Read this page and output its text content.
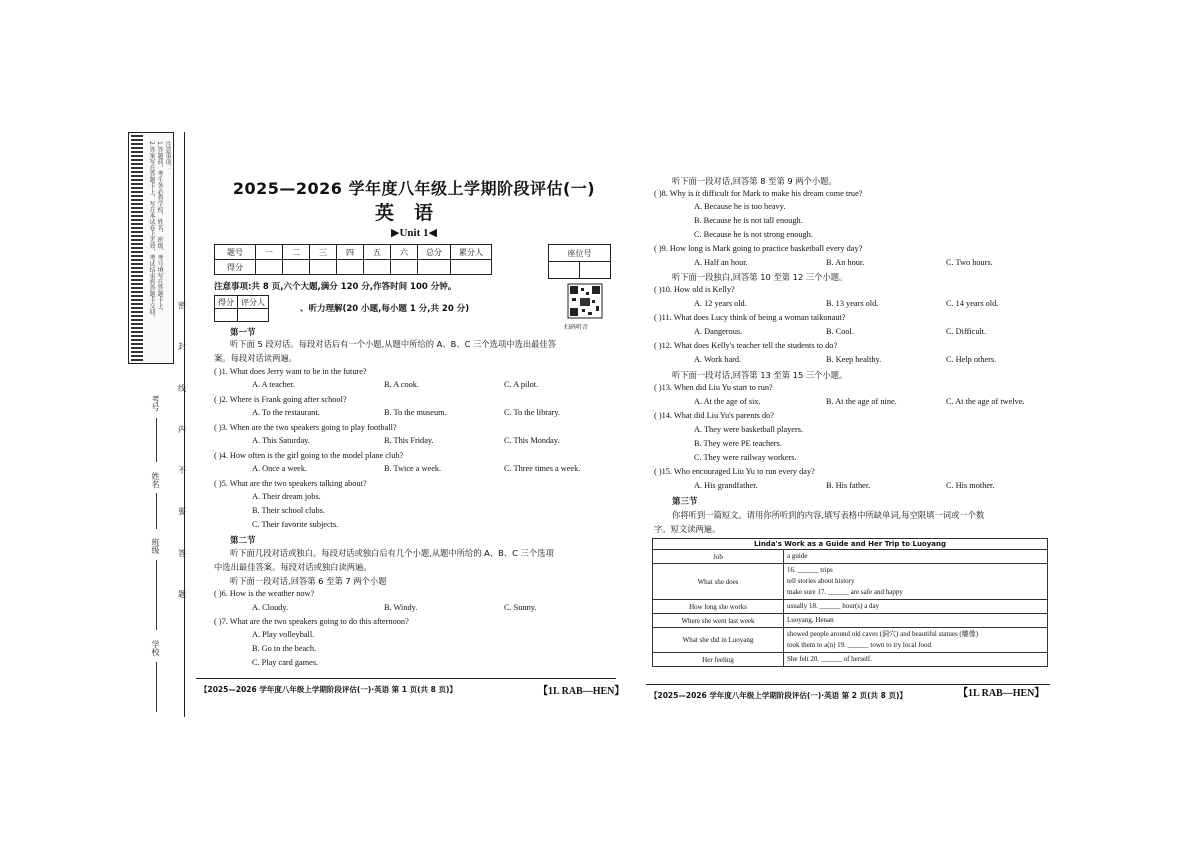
注意事项：
1.答题前，考生务必将学校、姓名、班级、考号填写在答题卡上。
2.答案写在答题卡上，写在本试卷上无效，考试结束将答题卡交回。
考号
姓名
班级
学校
密
封
线
内
不
要
答
题
2025—2026 学年度八年级上学期阶段评估(一)
英语
▶Unit 1◀
题号	一	二	三	四	五	六	总分	累分人
得分								
座位号

注意事项:共 8 页,六个大题,满分 120 分,作答时间 100 分钟。
得分	评分人

、听力理解(20 小题,每小题 1 分,共 20 分)
扫码听音
第一节
听下面 5 段对话。每段对话后有一个小题,从题中所给的 A、B、C 三个选项中选出最佳答
案。每段对话读两遍。
( )1. What does Jerry want to be in the future?
A. A teacher.	B. A cook.	C. A pilot.
( )2. Where is Frank going after school?
A. To the restaurant.	B. To the museum.	C. To the library.
( )3. When are the two speakers going to play football?
A. This Saturday.	B. This Friday.	C. This Monday.
( )4. How often is the girl going to the model plane club?
A. Once a week.	B. Twice a week.	C. Three times a week.
( )5. What are the two speakers talking about?
A. Their dream jobs.
B. Their school clubs.
C. Their favorite subjects.
第二节
听下面几段对话或独白。每段对话或独白后有几个小题,从题中所给的 A、B、C 三个选项
中选出最佳答案。每段对话或独白读两遍。
听下面一段对话,回答第 6 至第 7 两个小题
( )6. How is the weather now?
A. Cloudy.	B. Windy.	C. Sunny.
( )7. What are the two speakers going to do this afternoon?
A. Play volleyball.
B. Go to the beach.
C. Play card games.
【2025—2026 学年度八年级上学期阶段评估(一)·英语 第 1 页(共 8 页)】	【1L RAB—HEN】
听下面一段对话,回答第 8 至第 9 两个小题。
( )8. Why is it difficult for Mark to make his dream come true?
A. Because he is too heavy.
B. Because he is not tall enough.
C. Because he is not strong enough.
( )9. How long is Mark going to practice basketball every day?
A. Half an hour.	B. An hour.	C. Two hours.
听下面一段独白,回答第 10 至第 12 三个小题。
( )10. How old is Kelly?
A. 12 years old.	B. 13 years old.	C. 14 years old.
( )11. What does Lucy think of being a woman taikonaut?
A. Dangerous.	B. Cool.	C. Difficult.
( )12. What does Kelly's teacher tell the students to do?
A. Work hard.	B. Keep healthy.	C. Help others.
听下面一段对话,回答第 13 至第 15 三个小题。
( )13. When did Liu Yu start to run?
A. At the age of six.	B. At the age of nine.	C. At the age of twelve.
( )14. What did Liu Yu's parents do?
A. They were basketball players.
B. They were PE teachers.
C. They were railway workers.
( )15. Who encouraged Liu Yu to run every day?
A. His grandfather.	B. His father.	C. His mother.
第三节
你将听到一篇短文。请用你所听到的内容,填写表格中所缺单词,每空限填一词或一个数
字。短文读两遍。
Linda's Work as a Guide and Her Trip to Luoyang	
Job	a guide

What she does	16. ______ trips
tell stories about history
make sure 17. ______ are safe and happy

How long she works	usually 18. ______ hour(s) a day

Where she went last week	Luoyang, Henan

What she did in Luoyang	showed people around old caves (洞穴) and beautiful statues (雕像)
took them to a(n) 19. ______ town to try local food

Her feeling	She felt 20. ______ of herself.
【2025—2026 学年度八年级上学期阶段评估(一)·英语 第 2 页(共 8 页)】	【1L RAB—HEN】
